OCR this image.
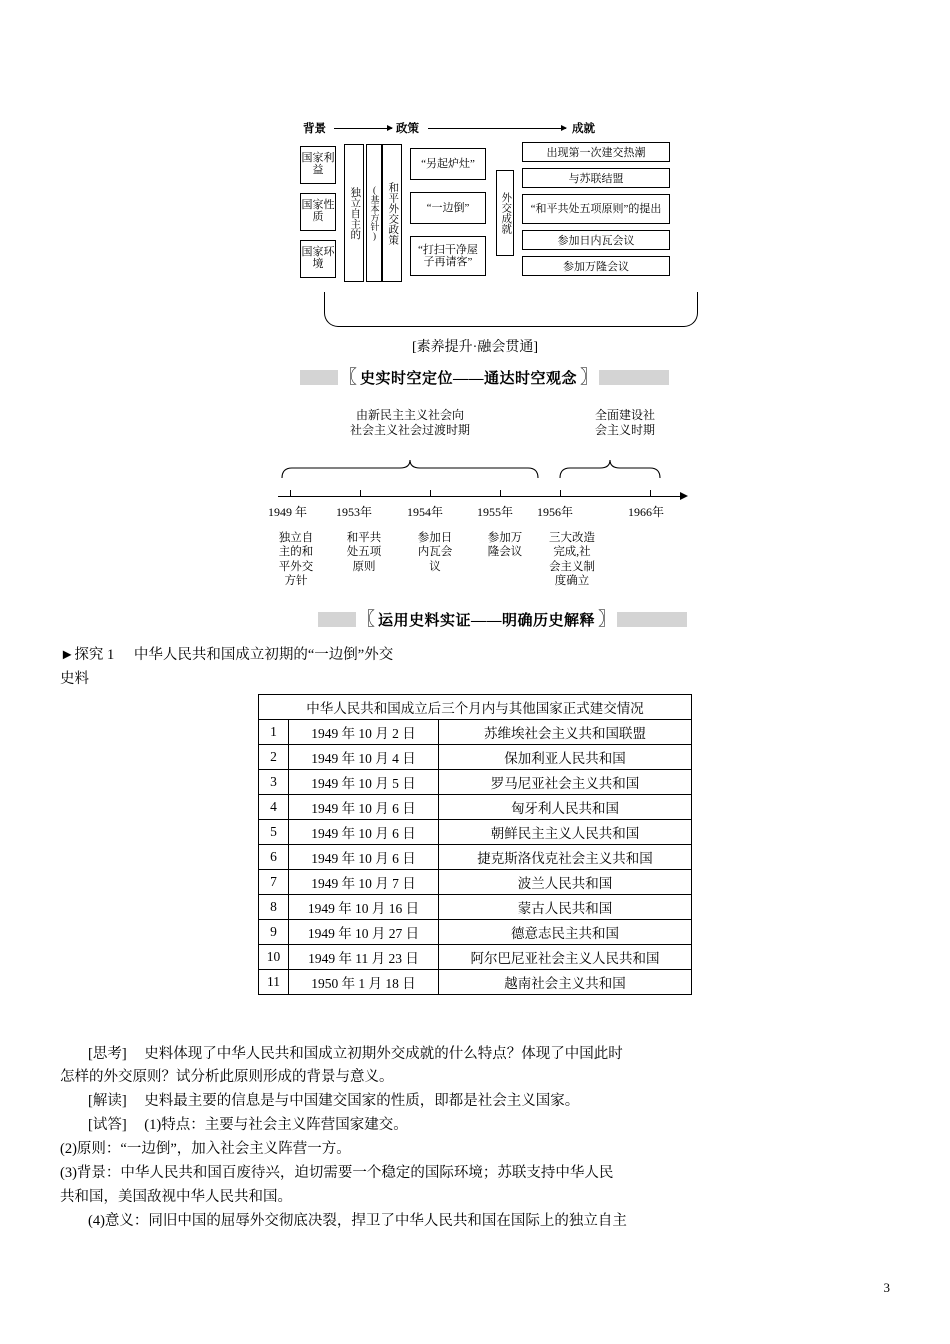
背景	政策	成就
国家利益
国家性质
国家环境
独立自主的	(基本方针) 和平外交政策
“另起炉灶”
“一边倒”
“打扫干净屋子再请客”
外交成就
出现第一次建交热潮
与苏联结盟
“和平共处五项原则”的提出
参加日内瓦会议
参加万隆会议
[素养提升·融会贯通]
〖 史实时空定位——通达时空观念 〗
由新民主主义社会向
社会主义社会过渡时期
全面建设社
会主义时期
1949 年 1953年	1954年	1955年 1956年	1966年
独立自
主的和
平外交
方针
和平共
处五项
原则
参加日
内瓦会
议
参加万
隆会议
三大改造
完成,社
会主义制
度确立
〖 运用史料实证——明确历史解释 〗
►探究 1 中华人民共和国成立初期的“一边倒”外交
史料
中华人民共和国成立后三个月内与其他国家正式建交情况		
1	1949 年 10 月 2 日	苏维埃社会主义共和国联盟
2	1949 年 10 月 4 日	保加利亚人民共和国
3	1949 年 10 月 5 日	罗马尼亚社会主义共和国
4	1949 年 10 月 6 日	匈牙利人民共和国
5	1949 年 10 月 6 日	朝鲜民主主义人民共和国
6	1949 年 10 月 6 日	捷克斯洛伐克社会主义共和国
7	1949 年 10 月 7 日	波兰人民共和国
8	1949 年 10 月 16 日	蒙古人民共和国
9	1949 年 10 月 27 日	德意志民主共和国
10	1949 年 11 月 23 日	阿尔巴尼亚社会主义人民共和国
11	1950 年 1 月 18 日	越南社会主义共和国
[思考] 史料体现了中华人民共和国成立初期外交成就的什么特点？体现了中国此时
怎样的外交原则？试分析此原则形成的背景与意义。
[解读] 史料最主要的信息是与中国建交国家的性质，即都是社会主义国家。
[试答] (1)特点：主要与社会主义阵营国家建交。
(2)原则：“一边倒”，加入社会主义阵营一方。
(3)背景：中华人民共和国百废待兴，迫切需要一个稳定的国际环境；苏联支持中华人民
共和国，美国敌视中华人民共和国。
(4)意义：同旧中国的屈辱外交彻底决裂，捍卫了中华人民共和国在国际上的独立自主
3
